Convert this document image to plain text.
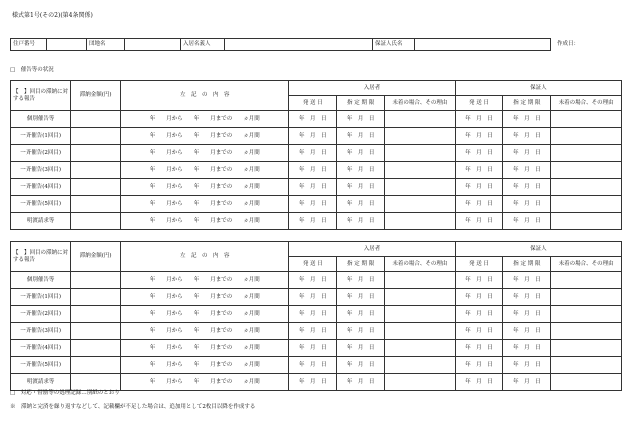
様式第1号(その2)(第4条関係)
住戸番号		団地名		入居名義人		保証人氏名		作成日：
□　催告等の状況
【　】回目の滞納に対する報告	滞納金額(円)	左　記　の　内　容	入居者			保証人		
			発 送 日	指 定 期 限	未着の場合、その理由	発 送 日	指 定 期 限	未着の場合、その理由
個別催告等		年　　月から　　年　　月までの　　ヵ月間	年　月　日	年　月　日		年　月　日	年　月　日	
一斉催告(1回目)		年　　月から　　年　　月までの　　ヵ月間	年　月　日	年　月　日		年　月　日	年　月　日	
一斉催告(2回目)		年　　月から　　年　　月までの　　ヵ月間	年　月　日	年　月　日		年　月　日	年　月　日	
一斉催告(3回目)		年　　月から　　年　　月までの　　ヵ月間	年　月　日	年　月　日		年　月　日	年　月　日	
一斉催告(4回目)		年　　月から　　年　　月までの　　ヵ月間	年　月　日	年　月　日		年　月　日	年　月　日	
一斉催告(5回目)		年　　月から　　年　　月までの　　ヵ月間	年　月　日	年　月　日		年　月　日	年　月　日	
明渡請求等		年　　月から　　年　　月までの　　ヵ月間	年　月　日	年　月　日		年　月　日	年　月　日	
【　】回目の滞納に対する報告	滞納金額(円)	左　記　の　内　容	入居者			保証人		
			発 送 日	指 定 期 限	未着の場合、その理由	発 送 日	指 定 期 限	未着の場合、その理由
個別催告等		年　　月から　　年　　月までの　　ヵ月間	年　月　日	年　月　日		年　月　日	年　月　日	
一斉催告(1回目)		年　　月から　　年　　月までの　　ヵ月間	年　月　日	年　月　日		年　月　日	年　月　日	
一斉催告(2回目)		年　　月から　　年　　月までの　　ヵ月間	年　月　日	年　月　日		年　月　日	年　月　日	
一斉催告(3回目)		年　　月から　　年　　月までの　　ヵ月間	年　月　日	年　月　日		年　月　日	年　月　日	
一斉催告(4回目)		年　　月から　　年　　月までの　　ヵ月間	年　月　日	年　月　日		年　月　日	年　月　日	
一斉催告(5回目)		年　　月から　　年　　月までの　　ヵ月間	年　月　日	年　月　日		年　月　日	年　月　日	
明渡請求等		年　　月から　　年　　月までの　　ヵ月間	年　月　日	年　月　日		年　月　日	年　月　日	
□　対応・督励等の処理記録…別紙のとおり
※　滞納と完済を繰り返すなどして、記載欄が不足した場合は、追加用として2枚目以降を作成する
